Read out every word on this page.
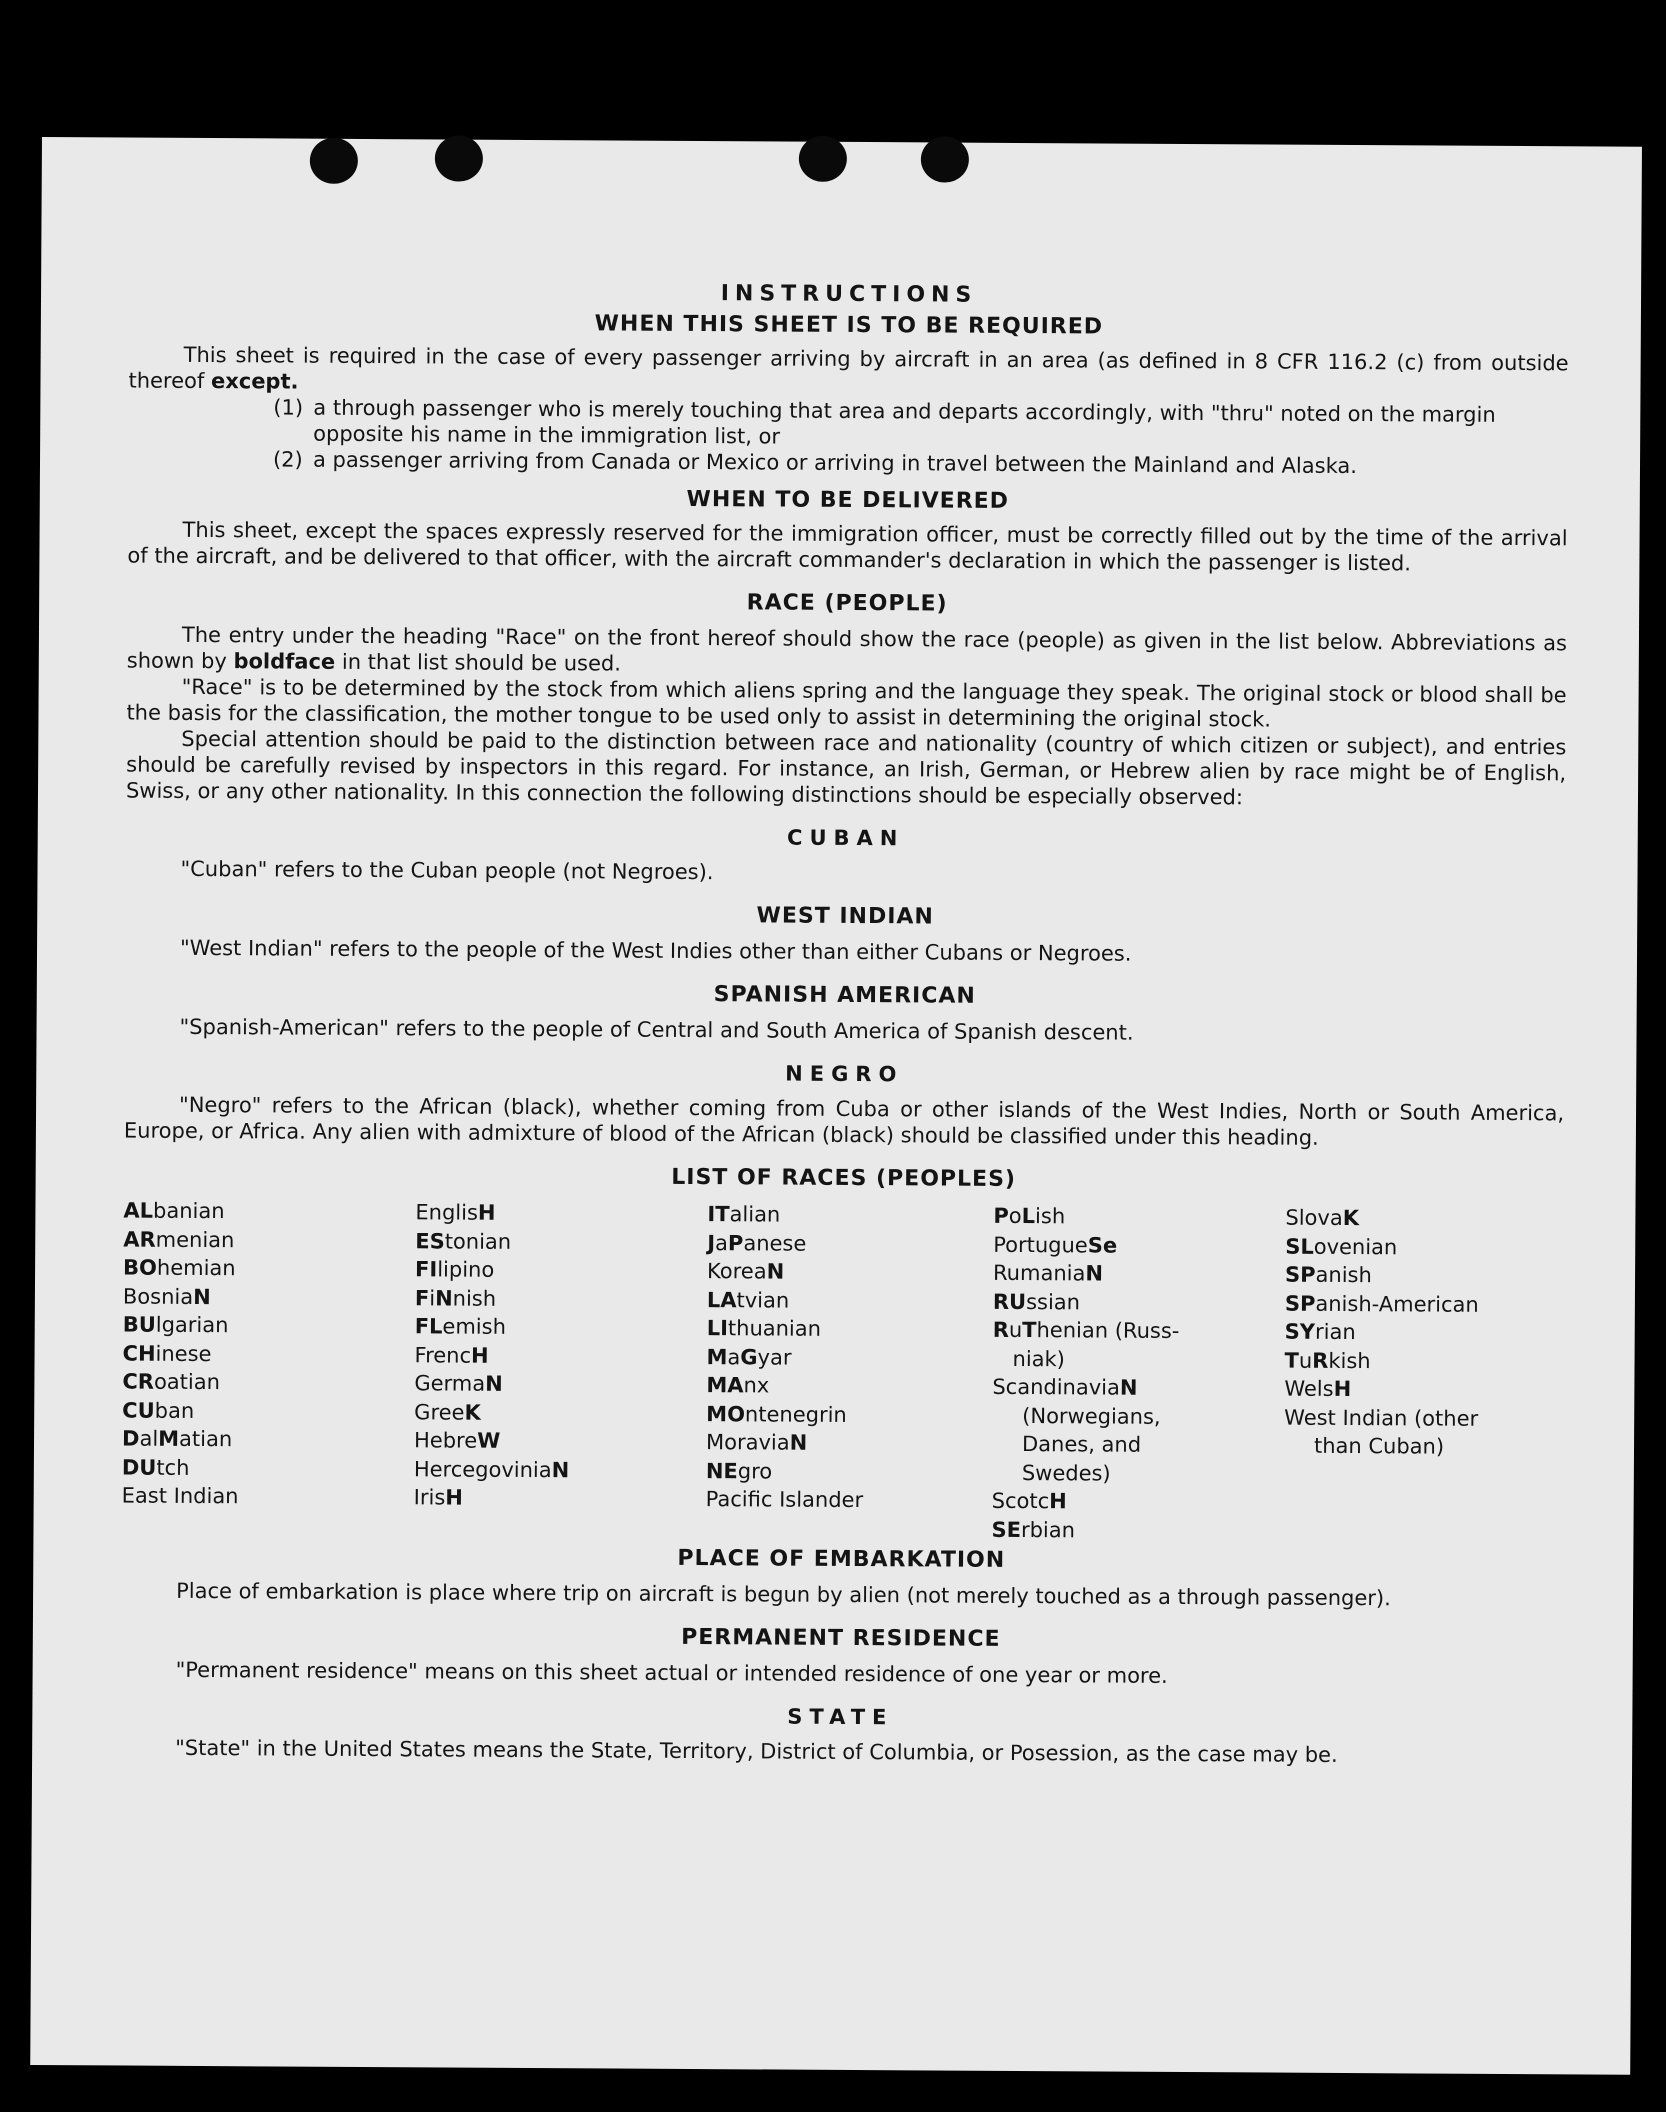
INSTRUCTIONS
WHEN THIS SHEET IS TO BE REQUIRED

This sheet is required in the case of every passenger arriving by aircraft in an area (as defined in 8 CFR 116.2 (c) from outside thereof except.

(1) a through passenger who is merely touching that area and departs accordingly, with "thru" noted on the margin opposite his name in the immigration list, or
(2) a passenger arriving from Canada or Mexico or arriving in travel between the Mainland and Alaska.
WHEN TO BE DELIVERED

This sheet, except the spaces expressly reserved for the immigration officer, must be correctly filled out by the time of the arrival of the aircraft, and be delivered to that officer, with the aircraft commander's declaration in which the passenger is listed.

RACE (PEOPLE)

The entry under the heading "Race" on the front hereof should show the race (people) as given in the list below. Abbreviations as shown by boldface in that list should be used.

"Race" is to be determined by the stock from which aliens spring and the language they speak. The original stock or blood shall be the basis for the classification, the mother tongue to be used only to assist in determining the original stock.

Special attention should be paid to the distinction between race and nationality (country of which citizen or subject), and entries should be carefully revised by inspectors in this regard. For instance, an Irish, German, or Hebrew alien by race might be of English, Swiss, or any other nationality. In this connection the following distinctions should be especially observed:

CUBAN

"Cuban" refers to the Cuban people (not Negroes).

WEST INDIAN

"West Indian" refers to the people of the West Indies other than either Cubans or Negroes.

SPANISH AMERICAN

"Spanish-American" refers to the people of Central and South America of Spanish descent.

NEGRO

"Negro" refers to the African (black), whether coming from Cuba or other islands of the West Indies, North or South America, Europe, or Africa. Any alien with admixture of blood of the African (black) should be classified under this heading.

LIST OF RACES (PEOPLES)
ALbanian
ARmenian
BOhemian
BosniaN
BUlgarian
CHinese
CRoatian
CUban
DalMatian
DUtch
East Indian
EnglisH
EStonian
FIlipino
FiNnish
FLemish
FrencH
GermaN
GreeK
HebreW
HercegoviniaN
IrisH
ITalian
JaPanese
KoreaN
LAtvian
LIthuanian
MaGyar
MAnx
MOntenegrin
MoraviaN
NEgro
Pacific Islander
PoLish
PortugueSe
RumaniaN
RUssian
RuThenian (Russ-
niak)
ScandinaviaN
(Norwegians,
Danes, and
Swedes)
ScotcH
SErbian
SlovaK
SLovenian
SPanish
SPanish-American
SYrian
TuRkish
WelsH
West Indian (other
than Cuban)
PLACE OF EMBARKATION

Place of embarkation is place where trip on aircraft is begun by alien (not merely touched as a through passenger).

PERMANENT RESIDENCE

"Permanent residence" means on this sheet actual or intended residence of one year or more.

STATE

"State" in the United States means the State, Territory, District of Columbia, or Posession, as the case may be.
